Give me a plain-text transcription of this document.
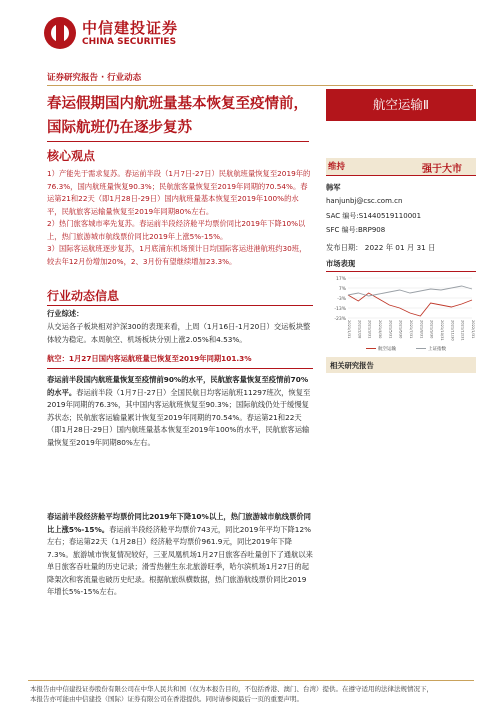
中信建投证券
CHINA SECURITIES
证券研究报告 · 行业动态
春运假期国内航班量基本恢复至疫情前，国际航班仍在逐步复苏
航空运输Ⅱ
核心观点
1）产能先于需求复苏。春运前半段（1月7日-27日）民航航班量恢复至2019年的76.3%，国内航班量恢复90.3%；民航旅客量恢复至2019年同期的70.54%。春运第21和22天（即1月28日-29日）国内航班量基本恢复至2019年100%的水平，民航旅客运输量恢复至2019年同期80%左右。
2）热门旅客城市率先复苏。春运前半段经济舱平均票价同比2019年下降10%以上，热门旅游城市航线票价同比2019年上涨5%-15%。
3）国际客运航班逐步复苏，1月底浦东机场预计日均国际客运进港航班约30班，较去年12月份增加20%，2、3月份有望继续增加23.3%。
行业动态信息
行业综述：
从交运各子板块相对沪深300的表现来看，上周（1月16日-1月20日）交运板块整体较为稳定。本周航空、机场板块分别上涨2.05%和4.53%。
航空：1月27日国内客运航班量已恢复至2019年同期101.3%
春运前半段国内航班量恢复至疫情前90%的水平，民航旅客量恢复至疫情前70%的水平。春运前半段（1月7日-27日）全国民航日均客运航班11297班次，恢复至2019年同期的76.3%，其中国内客运航班恢复至90.3%；国际航线仍处于缓慢复苏状态；民航旅客运输量累计恢复至2019年同期的70.54%。春运第21和22天（即1月28日-29日）国内航班量基本恢复至2019年100%的水平，民航旅客运输量恢复至2019年同期80%左右。
春运前半段经济舱平均票价同比2019年下降10%以上，热门旅游城市航线票价同比上涨5%-15%。春运前半段经济舱平均票价743元，同比2019年平均下降12%左右；春运第22天（1月28日）经济舱平均票价961.9元，同比2019年下降7.3%。旅游城市恢复情况较好，三亚凤凰机场1月27日旅客吞吐量创下了通航以来单日旅客吞吐量的历史记录；滑雪热催生东北旅游旺季，哈尔滨机场1月27日的起降架次和客流量也破历史纪录。根据航旅纵横数据，热门旅游航线票价同比2019年增长5%-15%左右。
维持	强于大市
韩军
hanjunbj@csc.com.cn
SAC 编号:S1440519110001
SFC 编号:BRP908
发布日期： 2022 年 01 月 31 日
市场表现
17%
7%
-3%
-13%
-23%
2021/1/31 2021/2/28 2021/3/31 2021/4/30 2021/5/31 2021/6/30 2021/7/31 2021/8/31 2021/9/30 2021/10/31 2021/11/30 2021/12/31 2022/1/31
航空运输	上证指数
相关研究报告
本报告由中信建投证券股份有限公司在中华人民共和国（仅为本报告目的，不包括香港、澳门、台湾）提供。在遵守适用的法律法规情况下，
本报告亦可能由中信建投（国际）证券有限公司在香港提供。同时请参阅最后一页的重要声明。
